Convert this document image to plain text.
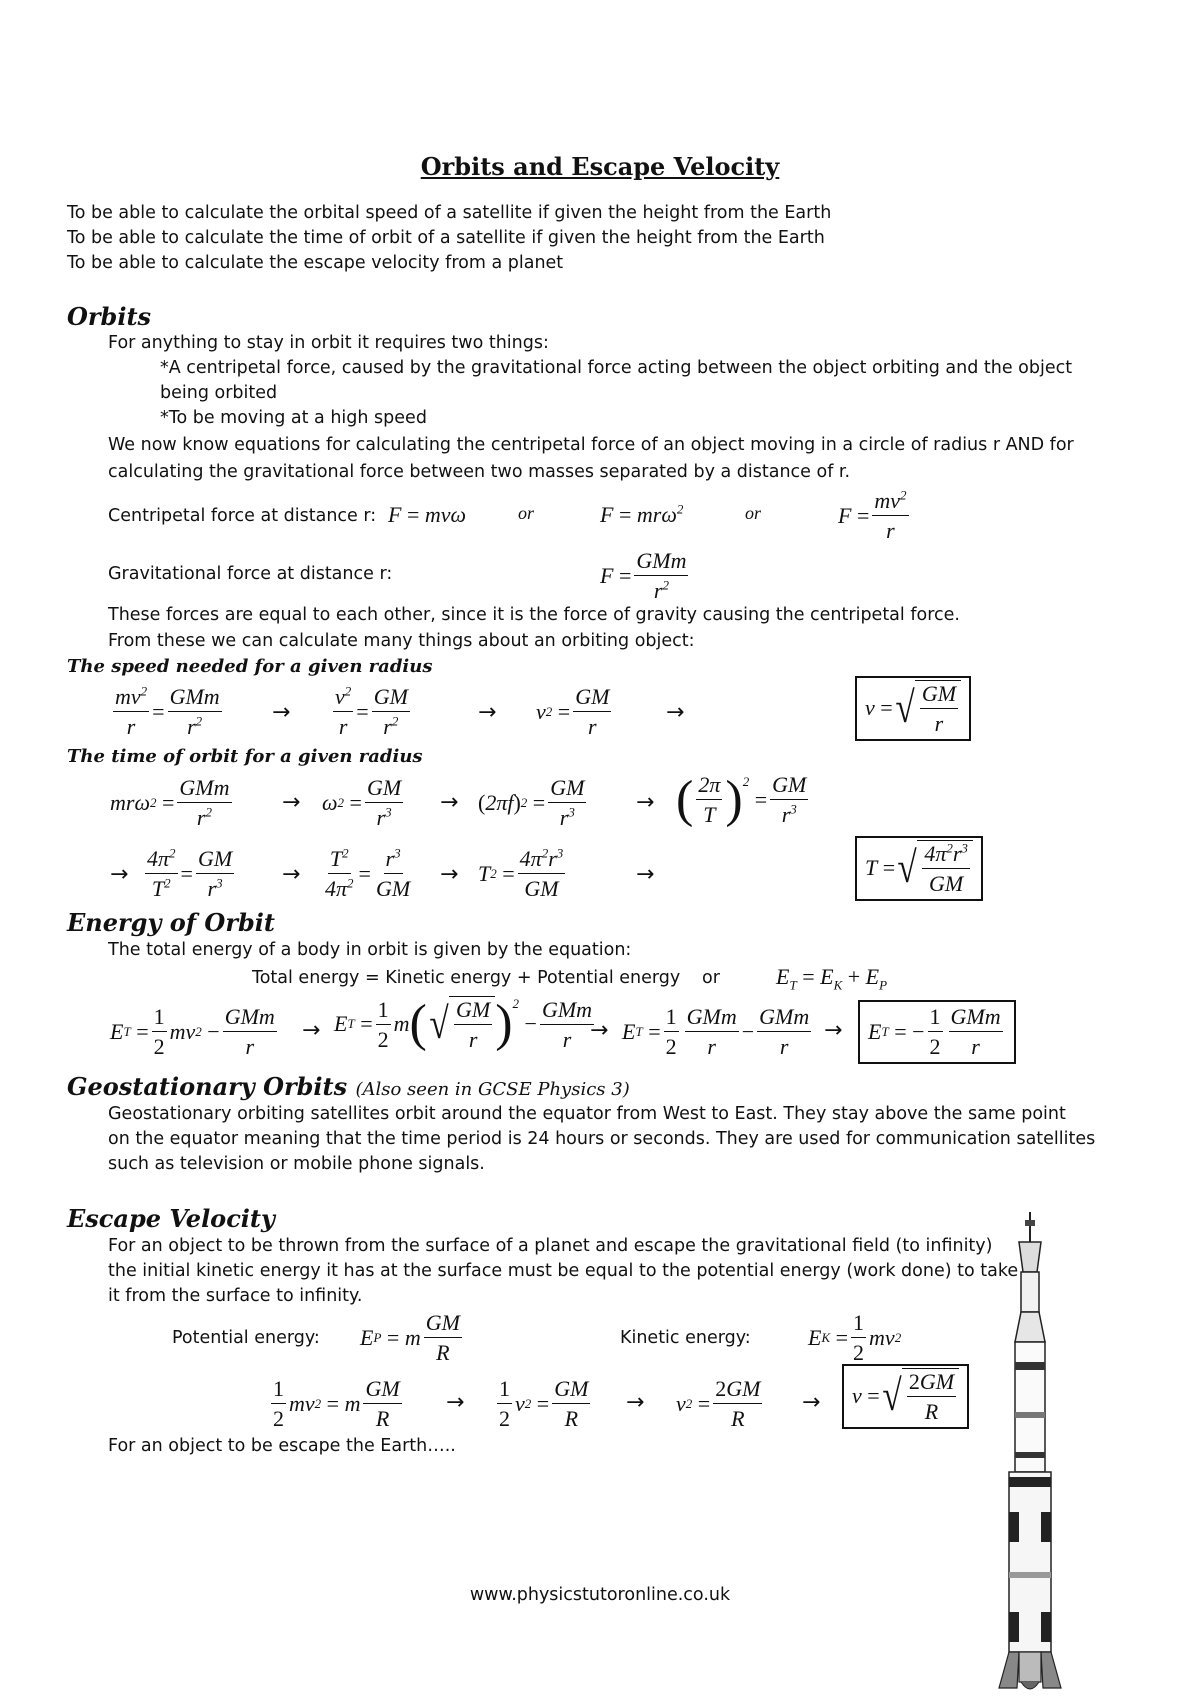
Orbits and Escape Velocity
To be able to calculate the orbital speed of a satellite if given the height from the Earth
To be able to calculate the time of orbit of a satellite if given the height from the Earth
To be able to calculate the escape velocity from a planet
Orbits
For anything to stay in orbit it requires two things:
*A centripetal force, caused by the gravitational force acting between the object orbiting and the object
being orbited
*To be moving at a high speed
We now know equations for calculating the centripetal force of an object moving in a circle of radius r AND for
calculating the gravitational force between two masses separated by a distance of r.
Centripetal force at distance r: F = mvω	or	F = mrω$^2$	or	$F = \frac{mv^2}{r}$
Gravitational force at distance r:	$F = \frac{\text{GMm}}{r^2}$
These forces are equal to each other, since it is the force of gravity causing the centripetal force.
From these we can calculate many things about an orbiting object:
The speed needed for a given radius
$\frac{mv^2}{r} = \frac{\text{GMm}}{r^2} \to \frac{v^2}{r} = \frac{GM}{r^2}$	→ v $2 = \frac{GM}{r}$ →	v = √ $\frac{GM}{r}$
The time of orbit for a given radius
mrω $2 = \frac{\text{GMm}}{r^2} \to \omega$ $2 = \frac{GM}{r^3}$ → ( 2πf ) $2 = \frac{GM}{r^3}$ → ( $\frac{2\pi}{T} )^2$
= $\frac{GM}{r^3}$
→ $\frac{4\pi^2}{T^2} = \frac{GM}{r^3} \to \frac{T^2}{4\pi^2} = \frac{r^3}{GM} \to T$ $2 = \frac{4\pi^2r^3}{GM}$	→	T = √ $\frac{4\pi^2r^3}{GM}$
Energy of Orbit
The total energy of a body in orbit is given by the equation:
Total energy = Kinetic energy + Potential energy or	$E_T = E_K + E_P$
E $T = \frac{1}{2}$ mv $2 - \frac{\text{GMm}}{r} \to E$ $T = \frac{1}{2}$ m ( √ $\frac{GM}{r} )^2$
− $\frac{\text{GMm}}{r}$
→ E $T = \frac{1}{2} \frac{\text{GMm}}{r} - \frac{\text{GMm}}{r}$ →	E T = − $\frac{1}{2} \frac{\text{GMm}}{r}$
Geostationary Orbits (Also seen in GCSE Physics 3)
Geostationary orbiting satellites orbit around the equator from West to East. They stay above the same point
on the equator meaning that the time period is 24 hours or seconds. They are used for communication satellites
such as television or mobile phone signals.
Escape Velocity
For an object to be thrown from the surface of a planet and escape the gravitational field (to infinity)
the initial kinetic energy it has at the surface must be equal to the potential energy (work done) to take
it from the surface to infinity.
Potential energy: E P = m $\frac{GM}{R}$	Kinetic energy:	E $K = \frac{1}{2}$ mv 2
$\frac{1}{2}$ mv 2 = m $\frac{GM}{R} \to \frac{1}{2}$ v $2 = \frac{GM}{R} \to v$ $2 = \frac{2GM}{R}$ →	v = √ $\frac{2GM}{R}$
For an object to be escape the Earth…..
www.physicstutoronline.co.uk
